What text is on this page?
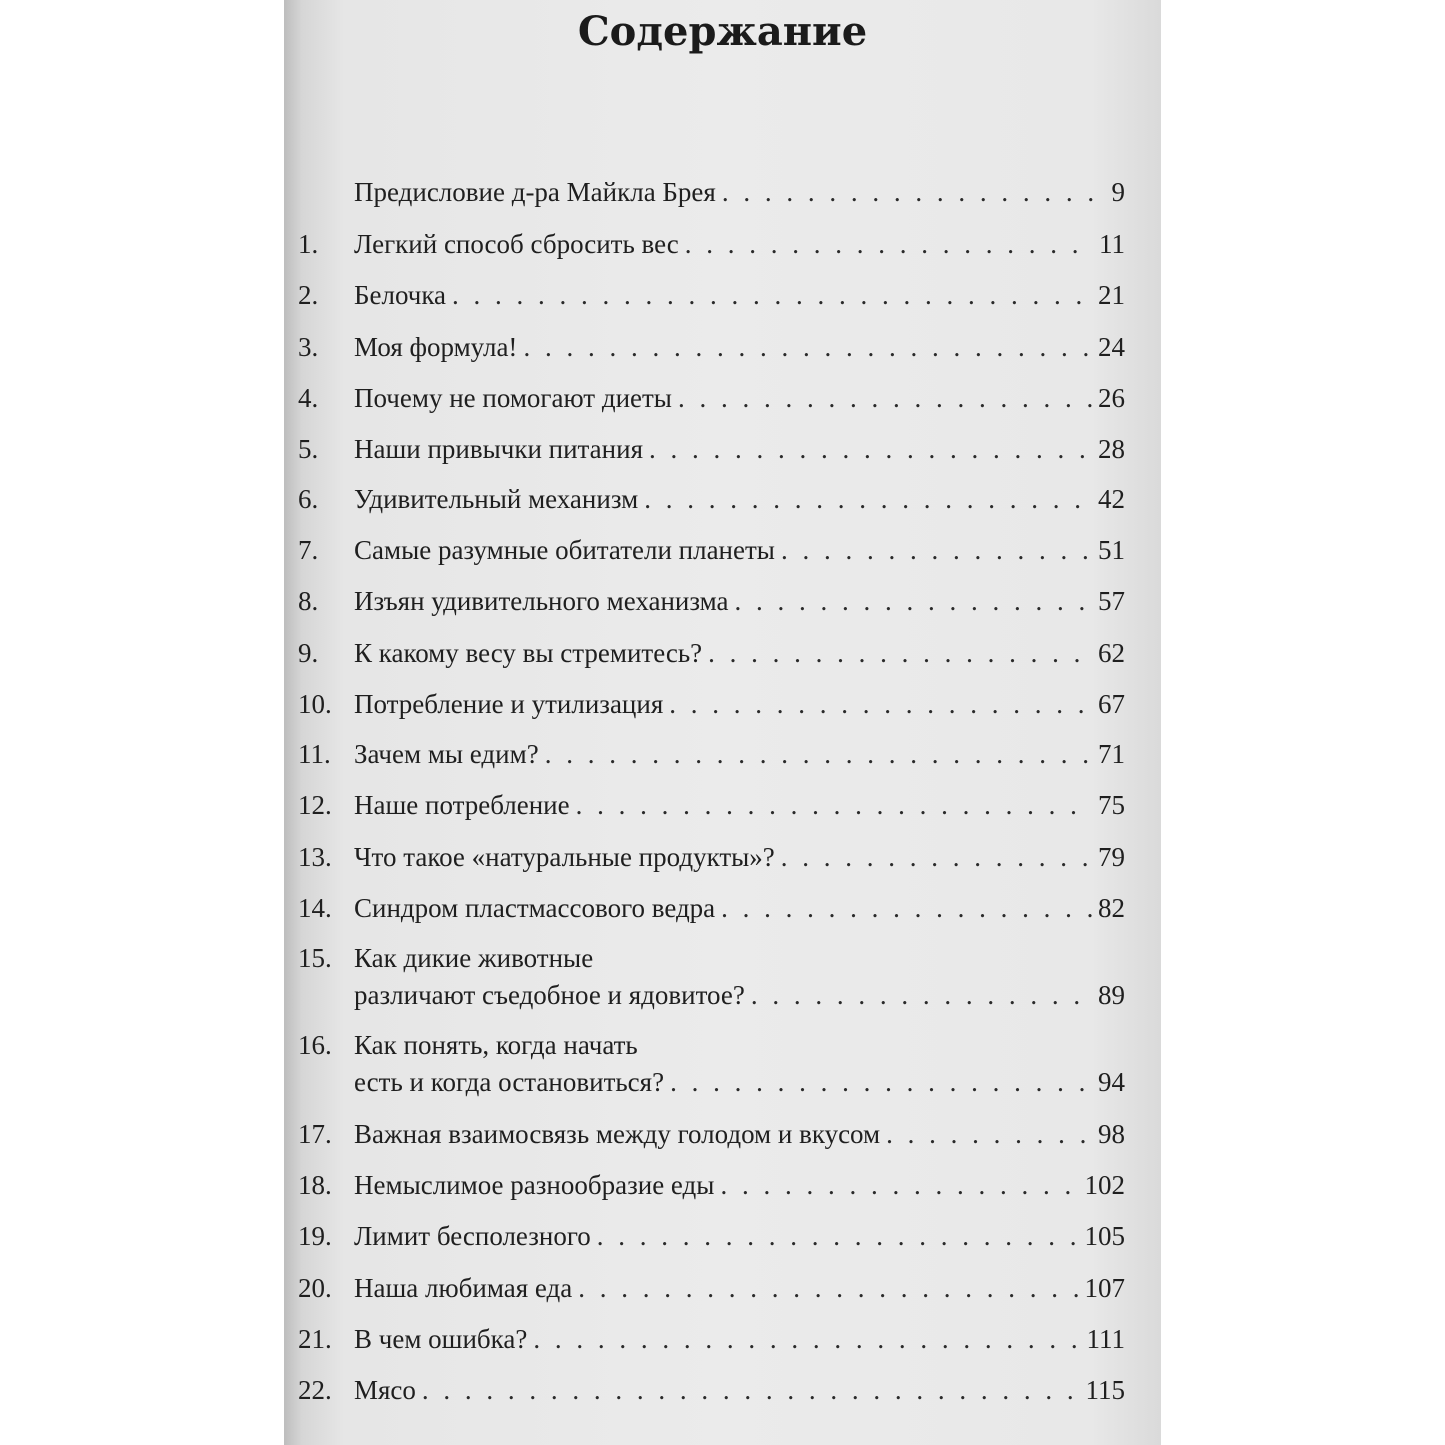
Содержание
Предисловие д-ра Майкла Брея . . .	9
1. Легкий способ сбросить вес . . .	11
2. Белочка . . .	21
3. Моя формула! . . .	24
4. Почему не помогают диеты . . .	26
5. Наши привычки питания . . .	28
6. Удивительный механизм . . .	42
7. Самые разумные обитатели планеты . . .	51
8. Изъян удивительного механизма . . .	57
9. К какому весу вы стремитесь? . . .	62
10. Потребление и утилизация . . .	67
11. Зачем мы едим? . . .	71
12. Наше потребление . . .	75
13. Что такое «натуральные продукты»? . . .	79
14. Синдром пластмассового ведра . . .	82
15. Как дикие животные
различают съедобное и ядовитое? . . .	89
16. Как понять, когда начать
есть и когда остановиться? . . .	94
17. Важная взаимосвязь между голодом и вкусом . . .	98
18. Немыслимое разнообразие еды . . .	102
19. Лимит бесполезного . . .	105
20. Наша любимая еда . . .	107
21. В чем ошибка? . . .	111
22. Мясо . . .	115
